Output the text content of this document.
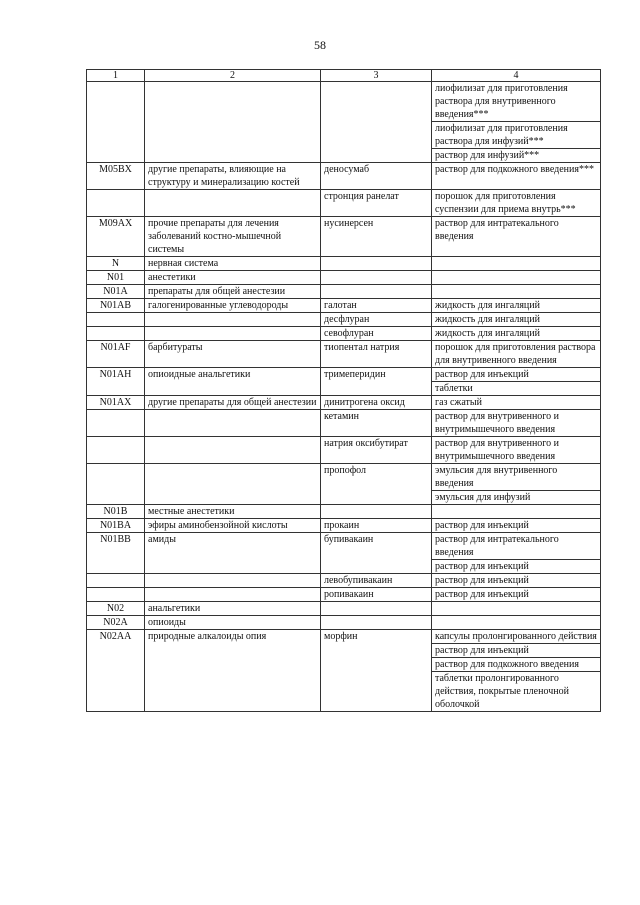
58
1	2	3	4
			лиофилизат для приготовления раствора для внутривенного введения***
			лиофилизат для приготовления раствора для инфузий***
			раствор для инфузий***
M05BX	другие препараты, влияющие на структуру и минерализацию костей	деносумаб	раствор для подкожного введения***
		стронция ранелат	порошок для приготовления суспензии для приема внутрь***
M09AX	прочие препараты для лечения заболеваний костно-мышечной системы	нусинерсен	раствор для интратекального введения
N	нервная система		
N01	анестетики		
N01A	препараты для общей анестезии		
N01AB	галогенированные углеводороды	галотан	жидкость для ингаляций
		десфлуран	жидкость для ингаляций
		севофлуран	жидкость для ингаляций
N01AF	барбитураты	тиопентал натрия	порошок для приготовления раствора для внутривенного введения
N01AH	опиоидные анальгетики	тримеперидин	раствор для инъекций
			таблетки
N01AX	другие препараты для общей анестезии	динитрогена оксид	газ сжатый
		кетамин	раствор для внутривенного и внутримышечного введения
		натрия оксибутират	раствор для внутривенного и внутримышечного введения
		пропофол	эмульсия для внутривенного введения
			эмульсия для инфузий
N01B	местные анестетики		
N01BA	эфиры аминобензойной кислоты	прокаин	раствор для инъекций
N01BB	амиды	бупивакаин	раствор для интратекального введения
			раствор для инъекций
		левобупивакаин	раствор для инъекций
		ропивакаин	раствор для инъекций
N02	анальгетики		
N02A	опиоиды		
N02AA	природные алкалоиды опия	морфин	капсулы пролонгированного действия
			раствор для инъекций
			раствор для подкожного введения
			таблетки пролонгированного действия, покрытые пленочной оболочкой
